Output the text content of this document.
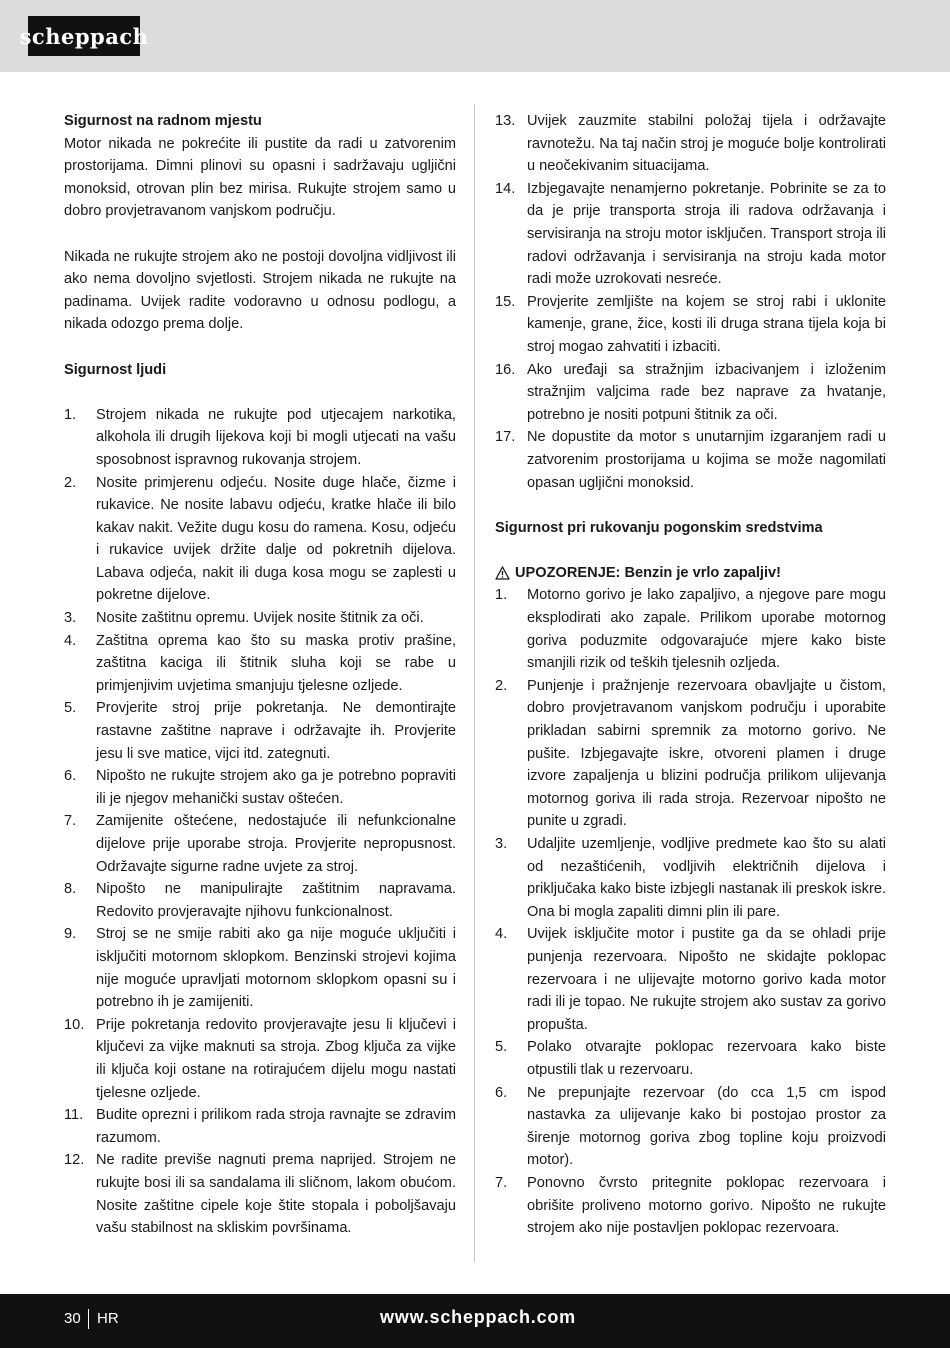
scheppach

Sigurnost na radnom mjestu

Motor nikada ne pokrećite ili pustite da radi u zatvorenim prostorijama. Dimni plinovi su opasni i sadržavaju ugljični monoksid, otrovan plin bez mirisa. Rukujte strojem samo u dobro provjetravanom vanjskom području.

Nikada ne rukujte strojem ako ne postoji dovoljna vidljivost ili ako nema dovoljno svjetlosti. Strojem nikada ne rukujte na padinama. Uvijek radite vodoravno u odnosu podlogu, a nikada odozgo prema dolje.

Sigurnost ljudi

1.	Strojem nikada ne rukujte pod utjecajem narkotika, alkohola ili drugih lijekova koji bi mogli utjecati na vašu sposobnost ispravnog rukovanja strojem.
2.	Nosite primjerenu odjeću. Nosite duge hlače, čizme i rukavice. Ne nosite labavu odjeću, kratke hlače ili bilo kakav nakit. Vežite dugu kosu do ramena. Kosu, odjeću i rukavice uvijek držite dalje od pokretnih dijelova. Labava odjeća, nakit ili duga kosa mogu se zaplesti u pokretne dijelove.
3.	Nosite zaštitnu opremu. Uvijek nosite štitnik za oči.
4.	Zaštitna oprema kao što su maska protiv prašine, zaštitna kaciga ili štitnik sluha koji se rabe u primjenjivim uvjetima smanjuju tjelesne ozljede.
5.	Provjerite stroj prije pokretanja. Ne demontirajte rastavne zaštitne naprave i održavajte ih. Provjerite jesu li sve matice, vijci itd. zategnuti.
6.	Nipošto ne rukujte strojem ako ga je potrebno popraviti ili je njegov mehanički sustav oštećen.
7.	Zamijenite oštećene, nedostajuće ili nefunkcionalne dijelove prije uporabe stroja. Provjerite nepropusnost. Održavajte sigurne radne uvjete za stroj.
8.	Nipošto ne manipulirajte zaštitnim napravama. Redovito provjeravajte njihovu funkcionalnost.
9.	Stroj se ne smije rabiti ako ga nije moguće uključiti i isključiti motornom sklopkom. Benzinski strojevi kojima nije moguće upravljati motornom sklopkom opasni su i potrebno ih je zamijeniti.
10. Prije pokretanja redovito provjeravajte jesu li ključevi i ključevi za vijke maknuti sa stroja. Zbog ključa za vijke ili ključa koji ostane na rotirajućem dijelu mogu nastati tjelesne ozljede.
11. Budite oprezni i prilikom rada stroja ravnajte se zdravim razumom.
12. Ne radite previše nagnuti prema naprijed. Strojem ne rukujte bosi ili sa sandalama ili sličnom, lakom obućom. Nosite zaštitne cipele koje štite stopala i poboljšavaju vašu stabilnost na skliskim površinama.
13. Uvijek zauzmite stabilni položaj tijela i održavajte ravnotežu. Na taj način stroj je moguće bolje kontrolirati u neočekivanim situacijama.
14. Izbjegavajte nenamjerno pokretanje. Pobrinite se za to da je prije transporta stroja ili radova održavanja i servisiranja na stroju motor isključen. Transport stroja ili radovi održavanja i servisiranja na stroju kada motor radi može uzrokovati nesreće.
15. Provjerite zemljište na kojem se stroj rabi i uklonite kamenje, grane, žice, kosti ili druga strana tijela koja bi stroj mogao zahvatiti i izbaciti.
16. Ako uređaji sa stražnjim izbacivanjem i izloženim stražnjim valjcima rade bez naprave za hvatanje, potrebno je nositi potpuni štitnik za oči.
17. Ne dopustite da motor s unutarnjim izgaranjem radi u zatvorenim prostorijama u kojima se može nagomilati opasan ugljični monoksid.

Sigurnost pri rukovanju pogonskim sredstvima

UPOZORENJE: Benzin je vrlo zapaljiv!
1.	Motorno gorivo je lako zapaljivo, a njegove pare mogu eksplodirati ako zapale. Prilikom uporabe motornog goriva poduzmite odgovarajuće mjere kako biste smanjili rizik od teških tjelesnih ozljeda.
2.	Punjenje i pražnjenje rezervoara obavljajte u čistom, dobro provjetravanom vanjskom području i uporabite prikladan sabirni spremnik za motorno gorivo. Ne pušite. Izbjegavajte iskre, otvoreni plamen i druge izvore zapaljenja u blizini područja prilikom ulijevanja motornog goriva ili rada stroja. Rezervoar nipošto ne punite u zgradi.
3.	Udaljite uzemljenje, vodljive predmete kao što su alati od nezaštićenih, vodljivih električnih dijelova i priključaka kako biste izbjegli nastanak ili preskok iskre. Ona bi mogla zapaliti dimni plin ili pare.
4.	Uvijek isključite motor i pustite ga da se ohladi prije punjenja rezervoara. Nipošto ne skidajte poklopac rezervoara i ne ulijevajte motorno gorivo kada motor radi ili je topao. Ne rukujte strojem ako sustav za gorivo propušta.
5.	Polako otvarajte poklopac rezervoara kako biste otpustili tlak u rezervoaru.
6.	Ne prepunjajte rezervoar (do cca 1,5 cm ispod nastavka za ulijevanje kako bi postojao prostor za širenje motornog goriva zbog topline koju proizvodi motor).
7.	Ponovno čvrsto pritegnite poklopac rezervoara i obrišite proliveno motorno gorivo. Nipošto ne rukujte strojem ako nije postavljen poklopac rezervoara.
30 HR	www.scheppach.com
